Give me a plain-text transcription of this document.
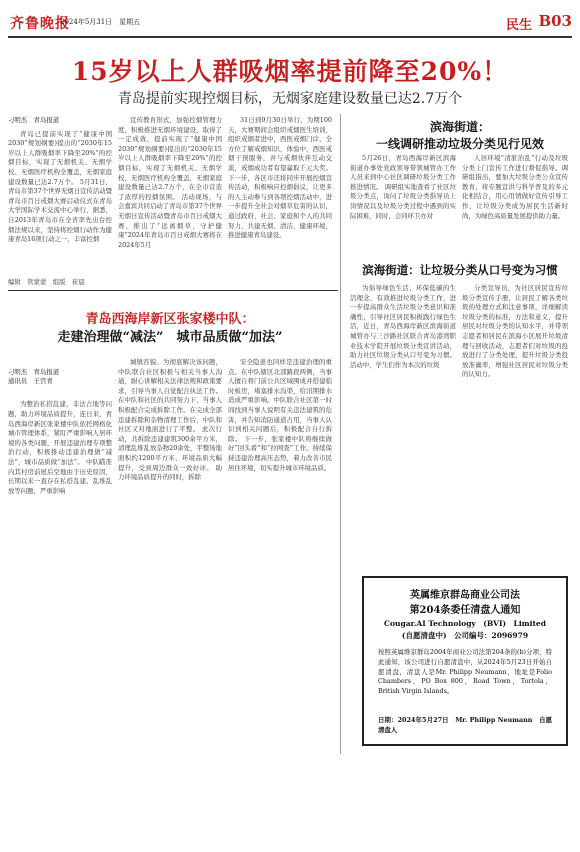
齐鲁晚报
2024年5月31日　星期五	民生 B03
15岁以上人群吸烟率提前降至20%！
青岛提前实现控烟目标，无烟家庭建设数量已达2.7万个
刁明杰　青岛报道

青岛已提前实现了“健康中国2030”规划纲要)提出的“2030年15岁以上人群吸烟率下降至20%”的控烟目标，实现了无烟机关、无烟学校、无烟医疗机构全覆盖，无烟家庭建设数量已达2.7万个。 5月31日，青岛市第37个世界无烟日宣传活动暨青岛市百日戒烟大赛启动仪式在青岛大学国际学术交流中心举行，据悉，自2013年青岛市在全省率先出台控烟法规以来，坚持将控烟行动作为健康青岛16项行动之一，丰富控烟

宣传教育形式，加强控烟管理力度，积极推进无烟环境建设，取得了一定成效，提前实现了“健康中国2030”规划纲要)提出的“2030年15岁以上人群吸烟率下降至20%”的控烟目标，实现了无烟机关、无烟学校、无烟医疗机构全覆盖，无烟家庭建设数量已达2.7万个，在全市营造了浓厚的控烟氛围。 活动现场，与会嘉宾共同启动了青岛市第37个世界无烟日宣传活动暨青岛市百日戒烟大赛，推出了“远离烟草，守护健康”2024年青岛市百日戒烟大赛将在2024年5月

31日到9月30日举行，为期100天，大赛期间会组织戒烟医生培训，组织戒烟者进中，西医戒烟门诊，全方位了解戒烟知识，体验中，西医戒烟干预服务，并与戒烟伙伴互动交流，戒烟成功者有望赢取千元大奖。 下一步，各区市还将同步开展控烟宣传活动，积极响应控烟倡议，让更多的人主动参与到各项控烟活动中，进一步提升全社会对烟草危害的认识，通过政府、社会、家庭和个人的共同努力，共建无烟、清洁，健康环境，推进健康青岛建设。

编辑　管蒙蒙　组版　崔晨
青岛西海岸新区张家楼中队：
走建治理做“减法”　城市品质做“加法”

刁明杰　青岛报道
通讯员　王宫青

为整治私搭乱建，非法占地等问题，助力环境品质提升，连日来，青岛西海岸新区张家楼中队依托网格化城市管理体系，紧盯严重影响人居环境的各类问题，开展违建治理专项整治行动，积极推动违建治理做“减法”，城市品质做“加法”。 中队瞄准内其村房前屋后空地由于历史原因，长期以来一直存在私搭乱建、乱堆乱放等问题，严重影响

城镇容貌。为彻底解决该问题，中队联合社区积极与相关当事人沟通，耐心讲解相关法律法规和政策要求，引导当事人自觉配合执法工作。在中队和社区的共同努力下，当事人积极配合完成拆除工作。在完成全部违建拆除和杂物清理工作后，中队和社区又对地面进行了平整。 此次行动，共拆除违建建筑300余平方米，清理乱堆乱放杂物20余处，平整场地面积约1200平方米，环境品质大幅提升，受到周边群众一致好评。 助力环境品质提升的同时，拆除

安全隐患也同样是违建治理的重点。在中队辖区北部路段两侧，当事人擅自将门前公共区域围成并搭建临时板房，堵塞排水沟渠，给汛期排水造成严重影响。中队联合社区第一时间找到当事人说明有关违法建筑的危害，并告知消防通道占用，当事人认识到相关问题后，积极配合自行拆除。 下一步，张家楼中队将继续做好“回头看”和“拉网查”工作，持续保持违建治理高压态势，着力改善市民居住环境，切实提升城市环境品质。

滨海街道：
一线调研推动垃圾分类见行见效

5月26日，青岛西海岸新区滨海街道办事处党政领导带领城管办工作人员来到中心社区调研垃圾分类工作推进情况。 调研组实地查看了社区垃圾分类点，询问了垃圾分类指导员上岗情况以及垃圾分类过程中遇到的实际困难，同时，会同环卫办对

人居环境“清脏治乱”行动及垃圾分类上门宣传工作进行督促指导。调研组指出，要加大垃圾分类公众宣传教育，将专题宣讲与科学普及的多元化相结合，用心用情做好宣传引导工作，让垃圾分类成为居民生活新时尚，为绿色高质量发展提供助力量。

滨海街道：让垃圾分类从口号变为习惯

为倡导绿色生活，环保低碳的生活理念，有效推进垃圾分类工作，进一步提高群众生活垃圾分类意识和准确性，引导社区居民积极践行绿色生活，近日，青岛西海岸新区滨海街道城管办与三沙路社区联合青岛港湾职业技术学院开展垃圾分类宣讲活动，助力社区垃圾分类从口号变为习惯。 活动中，学生们作为本次的垃圾

分类宣导员，为社区居民宣传垃圾分类宣传手册，让居民了解各类垃圾的处理方式和注意事项，详细解读垃圾分类的标准，方法和意义，提升居民对垃圾分类的认知水平，并带领志愿者和居民在滨海小区展开垃圾清理与回收活动，志愿者们对垃圾的投放进行了分类处理，提升垃圾分类投放准确率，增强社区居民对垃圾分类的认知力。

英属维京群岛商业公司法
第204条委任清盘人通知
Cougar.AI Technology　(BVI)　Limited
(自愿清盘中)　公司编号：2096979
按照英属维京群岛2004年商业公司法第204条的(b)分项，特此通知，该公司进行自愿清盘中，从2024年5月23日开始自愿清盘，清盘人是Mr. Philipp Neumann，地址是Folio Chambers，PO Box 800，Road Town，Tortola，British Virgin Islands。
日期：2024年5月27日　Mr. Philipp Neumann　自愿清盘人
